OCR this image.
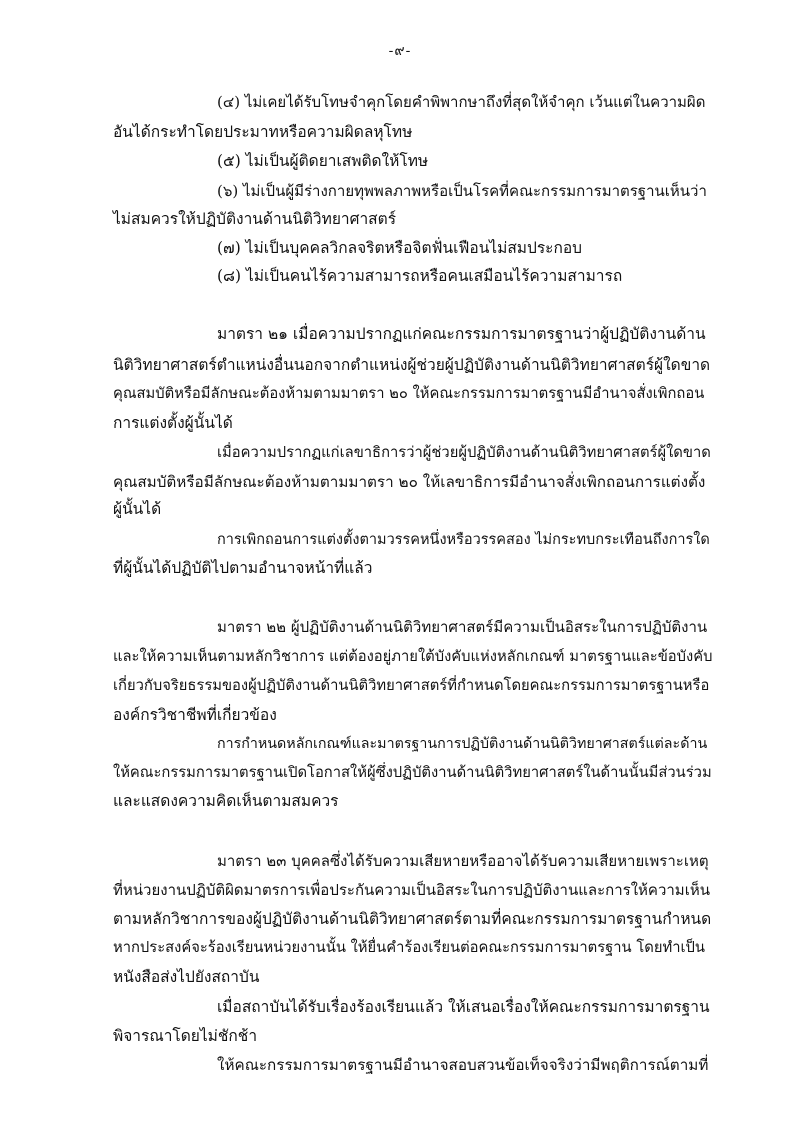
-๙-
(๔) ไม่เคยได้รับโทษจำคุกโดยคำพิพากษาถึงที่สุดให้จำคุก เว้นแต่ในความผิด
อันได้กระทำโดยประมาทหรือความผิดลหุโทษ
(๕) ไม่เป็นผู้ติดยาเสพติดให้โทษ
(๖) ไม่เป็นผู้มีร่างกายทุพพลภาพหรือเป็นโรคที่คณะกรรมการมาตรฐานเห็นว่า
ไม่สมควรให้ปฏิบัติงานด้านนิติวิทยาศาสตร์
(๗) ไม่เป็นบุคคลวิกลจริตหรือจิตฟั่นเฟือนไม่สมประกอบ
(๘) ไม่เป็นคนไร้ความสามารถหรือคนเสมือนไร้ความสามารถ
มาตรา ๒๑ เมื่อความปรากฏแก่คณะกรรมการมาตรฐานว่าผู้ปฏิบัติงานด้าน
นิติวิทยาศาสตร์ตำแหน่งอื่นนอกจากตำแหน่งผู้ช่วยผู้ปฏิบัติงานด้านนิติวิทยาศาสตร์ผู้ใดขาด
คุณสมบัติหรือมีลักษณะต้องห้ามตามมาตรา ๒๐ ให้คณะกรรมการมาตรฐานมีอำนาจสั่งเพิกถอน
การแต่งตั้งผู้นั้นได้
เมื่อความปรากฏแก่เลขาธิการว่าผู้ช่วยผู้ปฏิบัติงานด้านนิติวิทยาศาสตร์ผู้ใดขาด
คุณสมบัติหรือมีลักษณะต้องห้ามตามมาตรา ๒๐ ให้เลขาธิการมีอำนาจสั่งเพิกถอนการแต่งตั้ง
ผู้นั้นได้
การเพิกถอนการแต่งตั้งตามวรรคหนึ่งหรือวรรคสอง ไม่กระทบกระเทือนถึงการใด
ที่ผู้นั้นได้ปฏิบัติไปตามอำนาจหน้าที่แล้ว
มาตรา ๒๒ ผู้ปฏิบัติงานด้านนิติวิทยาศาสตร์มีความเป็นอิสระในการปฏิบัติงาน
และให้ความเห็นตามหลักวิชาการ แต่ต้องอยู่ภายใต้บังคับแห่งหลักเกณฑ์ มาตรฐานและข้อบังคับ
เกี่ยวกับจริยธรรมของผู้ปฏิบัติงานด้านนิติวิทยาศาสตร์ที่กำหนดโดยคณะกรรมการมาตรฐานหรือ
องค์กรวิชาชีพที่เกี่ยวข้อง
การกำหนดหลักเกณฑ์และมาตรฐานการปฏิบัติงานด้านนิติวิทยาศาสตร์แต่ละด้าน
ให้คณะกรรมการมาตรฐานเปิดโอกาสให้ผู้ซึ่งปฏิบัติงานด้านนิติวิทยาศาสตร์ในด้านนั้นมีส่วนร่วม
และแสดงความคิดเห็นตามสมควร
มาตรา ๒๓ บุคคลซึ่งได้รับความเสียหายหรืออาจได้รับความเสียหายเพราะเหตุ
ที่หน่วยงานปฏิบัติผิดมาตรการเพื่อประกันความเป็นอิสระในการปฏิบัติงานและการให้ความเห็น
ตามหลักวิชาการของผู้ปฏิบัติงานด้านนิติวิทยาศาสตร์ตามที่คณะกรรมการมาตรฐานกำหนด
หากประสงค์จะร้องเรียนหน่วยงานนั้น ให้ยื่นคำร้องเรียนต่อคณะกรรมการมาตรฐาน โดยทำเป็น
หนังสือส่งไปยังสถาบัน
เมื่อสถาบันได้รับเรื่องร้องเรียนแล้ว ให้เสนอเรื่องให้คณะกรรมการมาตรฐาน
พิจารณาโดยไม่ชักช้า
ให้คณะกรรมการมาตรฐานมีอำนาจสอบสวนข้อเท็จจริงว่ามีพฤติการณ์ตามที่
